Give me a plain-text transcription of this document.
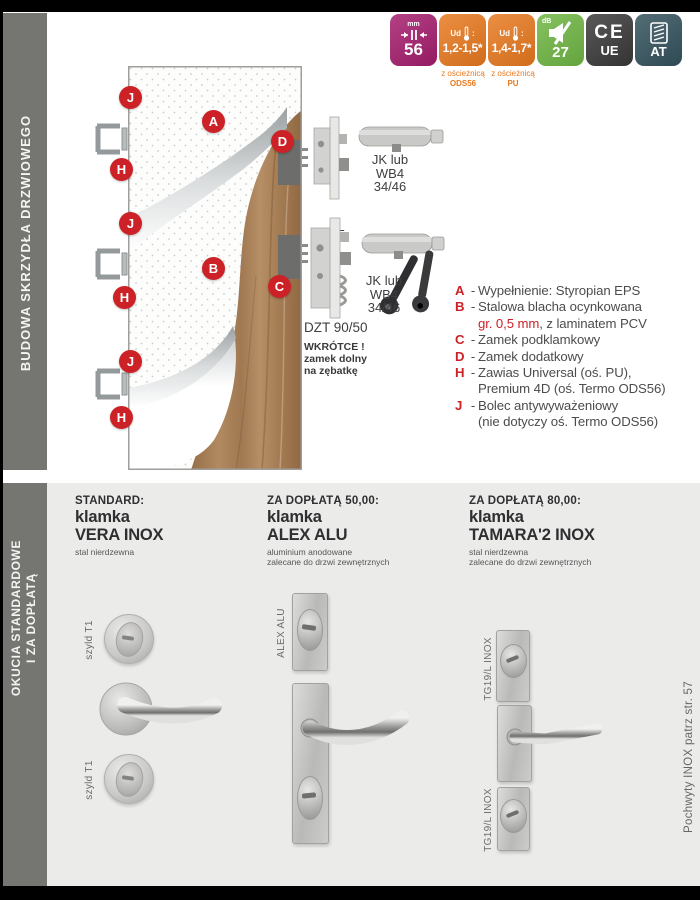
BUDOWA SKRZYDŁA DRZWIOWEGO
OKUCIA STANDARDOWE
I ZA DOPŁATĄ
mm
56
Ud :
1,2-1,5*
Ud :
1,4-1,7*
dB
27
CE
UE AT
z ościeżnicą
ODS56
z ościeżnicą
PU
J
H
A
D
J
B
H
C
J
H
JK lub
WB4
34/46
JK lub
WB4
34/46
DZT 90/50
WKRÓTCE !
zamek dolny
na zębatkę
A - Wypełnienie: Styropian EPS
B - Stalowa blacha ocynkowana
gr. 0,5 mm, z laminatem PCV
C - Zamek podklamkowy
D - Zamek dodatkowy
H - Zawias Universal (oś. PU),
Premium 4D (oś. Termo ODS56)
J - Bolec antywyważeniowy
(nie dotyczy oś. Termo ODS56)
STANDARD:
klamka
VERA INOX
stal nierdzewna

ZA DOPŁATĄ 50,00:
klamka
ALEX ALU
aluminium anodowane
zalecane do drzwi zewnętrznych
ZA DOPŁATĄ 80,00:
klamka
TAMARA'2 INOX
stal nierdzewna
zalecane do drzwi zewnętrznych
szyld T1
szyld T1
ALEX ALU
TG19/L INOX
TG19/L INOX	Pochwyty INOX patrz str. 57
